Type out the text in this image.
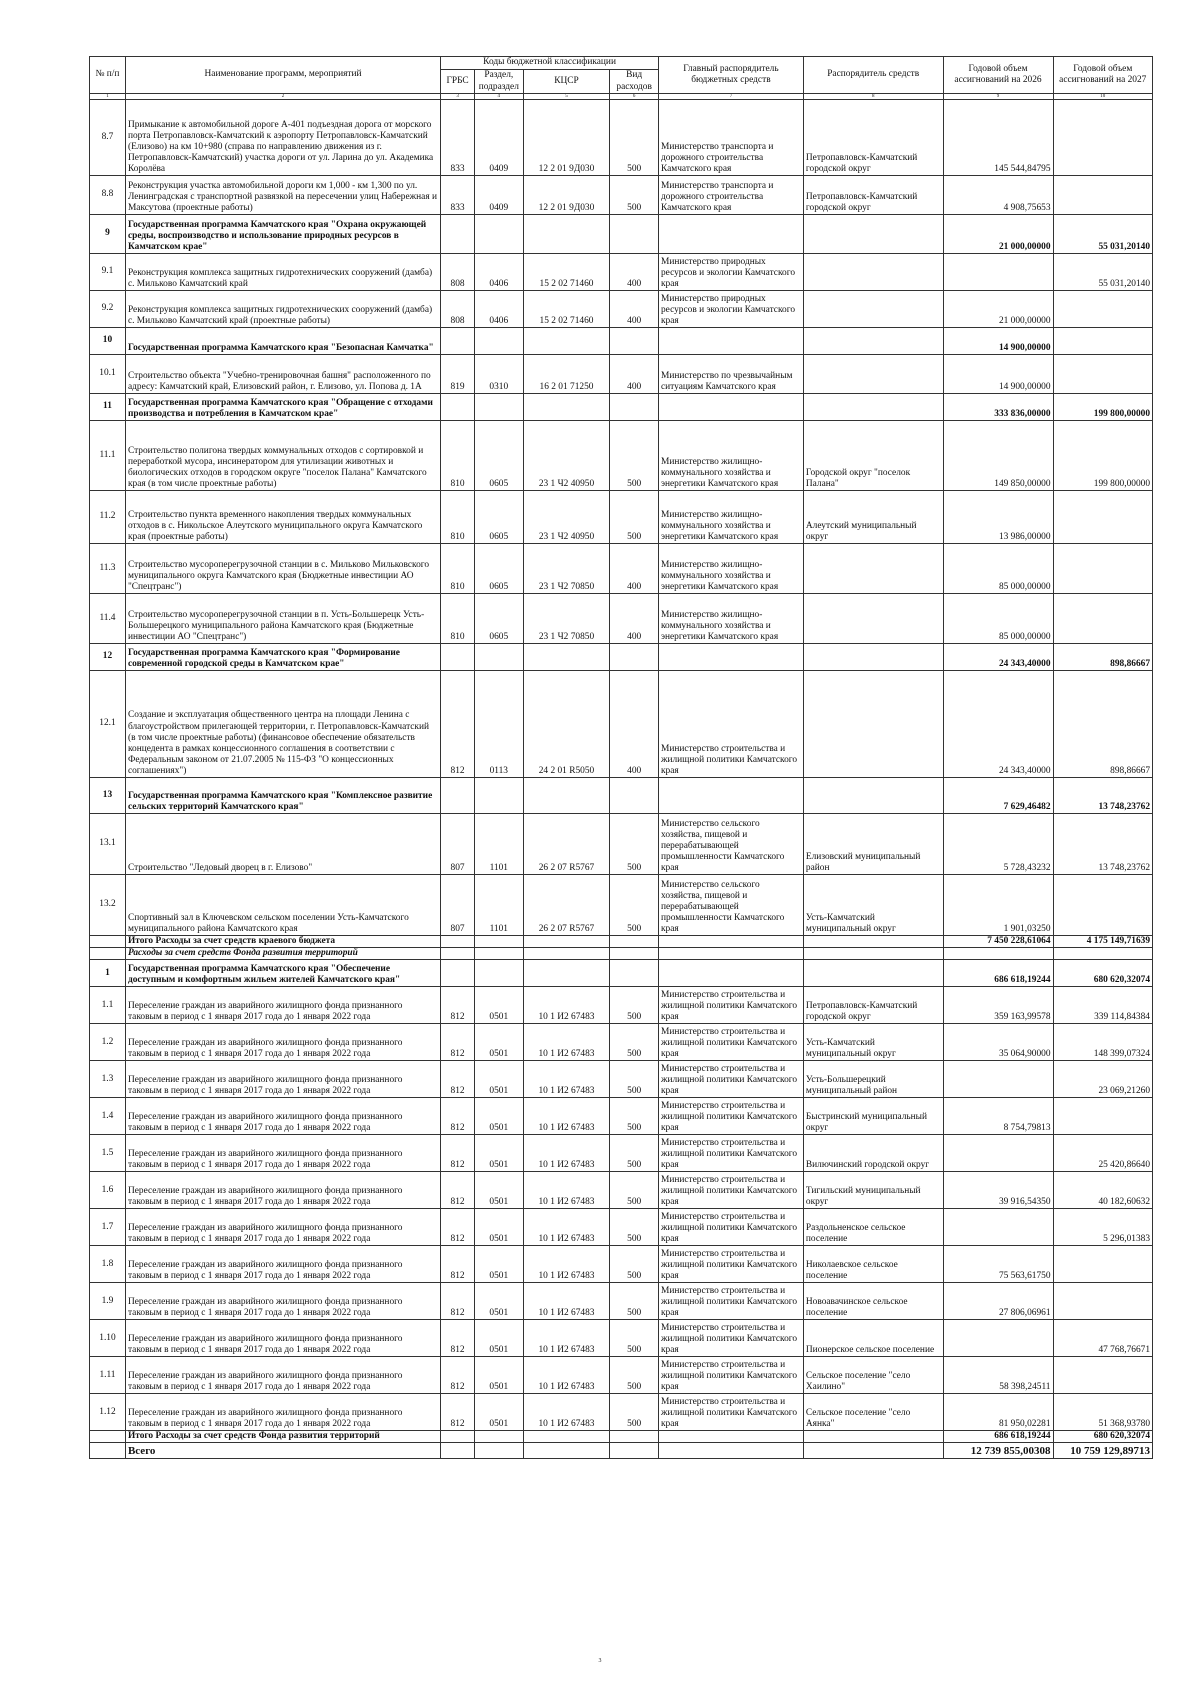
№ п/п	Наименование программ, мероприятий	Коды бюджетной классификации				Главный распорядитель бюджетных средств	Распорядитель средств	Годовой объем ассигнований на 2026	Годовой объем ассигнований на 2027
		ГРБС	Раздел, подраздел	КЦСР	Вид расходов				
1	2	3	4	5	6	7	8	9	10
8.7	Примыкание к автомобильной дороге А-401 подъездная дорога от морского порта Петропавловск-Камчатский к аэропорту Петропавловск-Камчатский (Елизово) на км 10+980 (справа по направлению движения из г. Петропавловск-Камчатский) участка дороги от ул. Ларина до ул. Академика Королёва	833	0409	12 2 01 9Д030	500	Министерство транспорта и дорожного строительства Камчатского края	Петропавловск-Камчатский городской округ	145 544,84795	
8.8	Реконструкция участка автомобильной дороги км 1,000 - км 1,300 по ул. Ленинградская с транспортной развязкой на пересечении улиц Набережная и Максутова (проектные работы)	833	0409	12 2 01 9Д030	500	Министерство транспорта и дорожного строительства Камчатского края	Петропавловск-Камчатский городской округ	4 908,75653	
9	Государственная программа Камчатского края "Охрана окружающей среды, воспроизводство и использование природных ресурсов в Камчатском крае"							21 000,00000	55 031,20140
9.1	Реконструкция комплекса защитных гидротехнических сооружений (дамба) с. Мильково Камчатский край	808	0406	15 2 02 71460	400	Министерство природных ресурсов и экологии Камчатского края			55 031,20140
9.2	Реконструкция комплекса защитных гидротехнических сооружений (дамба) с. Мильково Камчатский край (проектные работы)	808	0406	15 2 02 71460	400	Министерство природных ресурсов и экологии Камчатского края		21 000,00000	
10	Государственная программа Камчатского края "Безопасная Камчатка"							14 900,00000	
10.1	Строительство объекта "Учебно-тренировочная башня" расположенного по адресу: Камчатский край, Елизовский район, г. Елизово, ул. Попова д. 1А	819	0310	16 2 01 71250	400	Министерство по чрезвычайным ситуациям Камчатского края		14 900,00000	
11	Государственная программа Камчатского края "Обращение с отходами производства и потребления в Камчатском крае"							333 836,00000	199 800,00000
11.1	Строительство полигона твердых коммунальных отходов с сортировкой и переработкой мусора, инсинератором для утилизации животных и биологических отходов в городском округе "поселок Палана" Камчатского края (в том числе проектные работы)	810	0605	23 1 Ч2 40950	500	Министерство жилищно-коммунального хозяйства и энергетики Камчатского края	Городской округ "поселок Палана"	149 850,00000	199 800,00000
11.2	Строительство пункта временного накопления твердых коммунальных отходов в с. Никольское Алеутского муниципального округа Камчатского края (проектные работы)	810	0605	23 1 Ч2 40950	500	Министерство жилищно-коммунального хозяйства и энергетики Камчатского края	Алеутский муниципальный округ	13 986,00000	
11.3	Строительство мусороперегрузочной станции в с. Мильково Мильковского муниципального округа Камчатского края (Бюджетные инвестиции АО "Спецтранс")	810	0605	23 1 Ч2 70850	400	Министерство жилищно-коммунального хозяйства и энергетики Камчатского края		85 000,00000	
11.4	Строительство мусороперегрузочной станции в п. Усть-Большерецк Усть-Большерецкого муниципального района Камчатского края (Бюджетные инвестиции АО "Спецтранс")	810	0605	23 1 Ч2 70850	400	Министерство жилищно-коммунального хозяйства и энергетики Камчатского края		85 000,00000	
12	Государственная программа Камчатского края "Формирование современной городской среды в Камчатском крае"							24 343,40000	898,86667
12.1	Создание и эксплуатация общественного центра на площади Ленина с благоустройством прилегающей территории, г. Петропавловск-Камчатский (в том числе проектные работы) (финансовое обеспечение обязательств концедента в рамках концессионного соглашения в соответствии с Федеральным законом от 21.07.2005 № 115-ФЗ "О концессионных соглашениях")	812	0113	24 2 01 R5050	400	Министерство строительства и жилищной политики Камчатского края		24 343,40000	898,86667
13	Государственная программа Камчатского края "Комплексное развитие сельских территорий Камчатского края"							7 629,46482	13 748,23762
13.1	Строительство "Ледовый дворец в г. Елизово"	807	1101	26 2 07 R5767	500	Министерство сельского хозяйства, пищевой и перерабатывающей промышленности Камчатского края	Елизовский муниципальный район	5 728,43232	13 748,23762
13.2	Спортивный зал в Ключевском сельском поселении Усть-Камчатского муниципального района Камчатского края	807	1101	26 2 07 R5767	500	Министерство сельского хозяйства, пищевой и перерабатывающей промышленности Камчатского края	Усть-Камчатский муниципальный округ	1 901,03250	
	Итого Расходы за счет средств краевого бюджета							7 450 228,61064	4 175 149,71639
	Расходы за счет средств Фонда развития территорий								
1	Государственная программа Камчатского края "Обеспечение доступным и комфортным жильем жителей Камчатского края"							686 618,19244	680 620,32074
1.1	Переселение граждан из аварийного жилищного фонда признанного таковым в период с 1 января 2017 года до 1 января 2022 года	812	0501	10 1 И2 67483	500	Министерство строительства и жилищной политики Камчатского края	Петропавловск-Камчатский городской округ	359 163,99578	339 114,84384
1.2	Переселение граждан из аварийного жилищного фонда признанного таковым в период с 1 января 2017 года до 1 января 2022 года	812	0501	10 1 И2 67483	500	Министерство строительства и жилищной политики Камчатского края	Усть-Камчатский муниципальный округ	35 064,90000	148 399,07324
1.3	Переселение граждан из аварийного жилищного фонда признанного таковым в период с 1 января 2017 года до 1 января 2022 года	812	0501	10 1 И2 67483	500	Министерство строительства и жилищной политики Камчатского края	Усть-Большерецкий муниципальный район		23 069,21260
1.4	Переселение граждан из аварийного жилищного фонда признанного таковым в период с 1 января 2017 года до 1 января 2022 года	812	0501	10 1 И2 67483	500	Министерство строительства и жилищной политики Камчатского края	Быстринский муниципальный округ	8 754,79813	
1.5	Переселение граждан из аварийного жилищного фонда признанного таковым в период с 1 января 2017 года до 1 января 2022 года	812	0501	10 1 И2 67483	500	Министерство строительства и жилищной политики Камчатского края	Вилючинский городской округ		25 420,86640
1.6	Переселение граждан из аварийного жилищного фонда признанного таковым в период с 1 января 2017 года до 1 января 2022 года	812	0501	10 1 И2 67483	500	Министерство строительства и жилищной политики Камчатского края	Тигильский муниципальный округ	39 916,54350	40 182,60632
1.7	Переселение граждан из аварийного жилищного фонда признанного таковым в период с 1 января 2017 года до 1 января 2022 года	812	0501	10 1 И2 67483	500	Министерство строительства и жилищной политики Камчатского края	Раздольненское сельское поселение		5 296,01383
1.8	Переселение граждан из аварийного жилищного фонда признанного таковым в период с 1 января 2017 года до 1 января 2022 года	812	0501	10 1 И2 67483	500	Министерство строительства и жилищной политики Камчатского края	Николаевское сельское поселение	75 563,61750	
1.9	Переселение граждан из аварийного жилищного фонда признанного таковым в период с 1 января 2017 года до 1 января 2022 года	812	0501	10 1 И2 67483	500	Министерство строительства и жилищной политики Камчатского края	Новоавачинское сельское поселение	27 806,06961	
1.10	Переселение граждан из аварийного жилищного фонда признанного таковым в период с 1 января 2017 года до 1 января 2022 года	812	0501	10 1 И2 67483	500	Министерство строительства и жилищной политики Камчатского края	Пионерское сельское поселение		47 768,76671
1.11	Переселение граждан из аварийного жилищного фонда признанного таковым в период с 1 января 2017 года до 1 января 2022 года	812	0501	10 1 И2 67483	500	Министерство строительства и жилищной политики Камчатского края	Сельское поселение "село Хаилино"	58 398,24511	
1.12	Переселение граждан из аварийного жилищного фонда признанного таковым в период с 1 января 2017 года до 1 января 2022 года	812	0501	10 1 И2 67483	500	Министерство строительства и жилищной политики Камчатского края	Сельское поселение "село Аянка"	81 950,02281	51 368,93780
	Итого Расходы за счет средств Фонда развития территорий							686 618,19244	680 620,32074
	Всего							12 739 855,00308	10 759 129,89713
3
